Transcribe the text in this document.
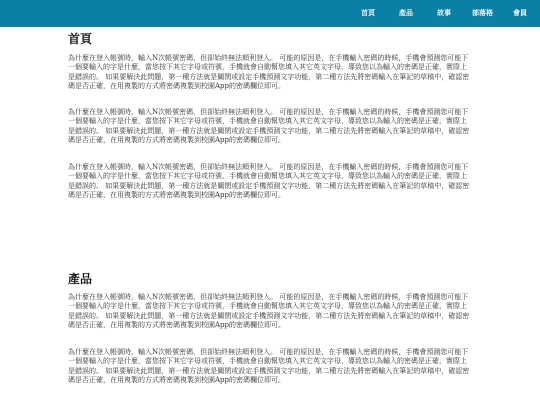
首頁	產品	故事	部落格	會員
首頁

為什麼在登入帳號時，輸入N次帳號密碼，但卻始終無法順利登入。 可能的原因是，在手機輸入密碼的時候，手機會預測您可能下一個要輸入的字是什麼，當您按下其它字母或符號，手機就會自動幫您填入其它英文字母，導致您以為輸入的密碼是正確，實際上是錯誤的。 如果要解決此問題，第一種方法就是關閉或設定手機預測文字功能，第二種方法先將密碼輸入在筆記的草稿中，確認密碼是否正確，在用複製的方式將密碼複製到校園App的密碼欄位即可。

為什麼在登入帳號時，輸入N次帳號密碼，但卻始終無法順利登入。 可能的原因是，在手機輸入密碼的時候，手機會預測您可能下一個要輸入的字是什麼，當您按下其它字母或符號，手機就會自動幫您填入其它英文字母，導致您以為輸入的密碼是正確，實際上是錯誤的。 如果要解決此問題，第一種方法就是關閉或設定手機預測文字功能，第二種方法先將密碼輸入在筆記的草稿中，確認密碼是否正確，在用複製的方式將密碼複製到校園App的密碼欄位即可。

為什麼在登入帳號時，輸入N次帳號密碼，但卻始終無法順利登入。 可能的原因是，在手機輸入密碼的時候，手機會預測您可能下一個要輸入的字是什麼，當您按下其它字母或符號，手機就會自動幫您填入其它英文字母，導致您以為輸入的密碼是正確，實際上是錯誤的。 如果要解決此問題，第一種方法就是關閉或設定手機預測文字功能，第二種方法先將密碼輸入在筆記的草稿中，確認密碼是否正確，在用複製的方式將密碼複製到校園App的密碼欄位即可。

產品

為什麼在登入帳號時，輸入N次帳號密碼，但卻始終無法順利登入。 可能的原因是，在手機輸入密碼的時候，手機會預測您可能下一個要輸入的字是什麼，當您按下其它字母或符號，手機就會自動幫您填入其它英文字母，導致您以為輸入的密碼是正確，實際上是錯誤的。 如果要解決此問題，第一種方法就是關閉或設定手機預測文字功能，第二種方法先將密碼輸入在筆記的草稿中，確認密碼是否正確，在用複製的方式將密碼複製到校園App的密碼欄位即可。

為什麼在登入帳號時，輸入N次帳號密碼，但卻始終無法順利登入。 可能的原因是，在手機輸入密碼的時候，手機會預測您可能下一個要輸入的字是什麼，當您按下其它字母或符號，手機就會自動幫您填入其它英文字母，導致您以為輸入的密碼是正確，實際上是錯誤的。 如果要解決此問題，第一種方法就是關閉或設定手機預測文字功能，第二種方法先將密碼輸入在筆記的草稿中，確認密碼是否正確，在用複製的方式將密碼複製到校園App的密碼欄位即可。
